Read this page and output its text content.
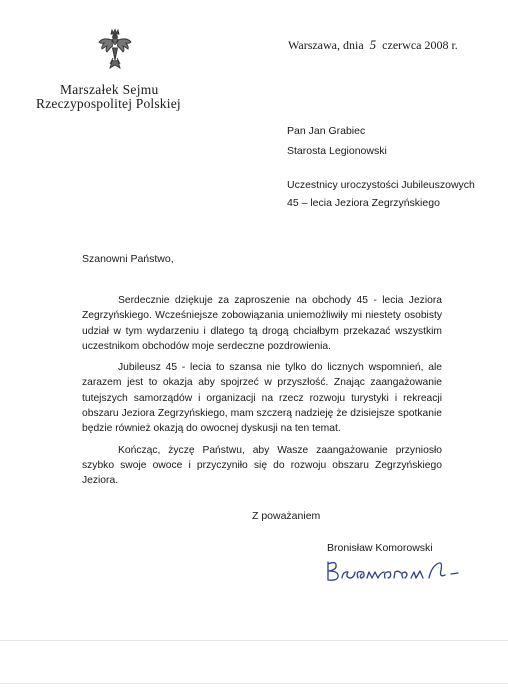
Marszałek Sejmu
Rzeczypospolitej Polskiej
Warszawa, dnia 5 czerwca 2008 r.
Pan Jan Grabiec
Starosta Legionowski
Uczestnicy uroczystości Jubileuszowych
45 – lecia Jeziora Zegrzyńskiego
Szanowni Państwo,

Serdecznie dziękuje za zaproszenie na obchody 45 - lecia Jeziora Zegrzyńskiego. Wcześniejsze zobowiązania uniemożliwiły mi niestety osobisty udział w tym wydarzeniu i dlatego tą drogą chciałbym przekazać wszystkim uczestnikom obchodów moje serdeczne pozdrowienia.

Jubileusz 45 - lecia to szansa nie tylko do licznych wspomnień, ale zarazem jest to okazja aby spojrzeć w przyszłość. Znając zaangażowanie tutejszych samorządów i organizacji na rzecz rozwoju turystyki i rekreacji obszaru Jeziora Zegrzyńskiego, mam szczerą nadzieję że dzisiejsze spotkanie będzie również okazją do owocnej dyskusji na ten temat.

Kończąc, życzę Państwu, aby Wasze zaangażowanie przyniosło szybko swoje owoce i przyczyniło się do rozwoju obszaru Zegrzyńskiego Jeziora.

Z poważaniem
Bronisław Komorowski
